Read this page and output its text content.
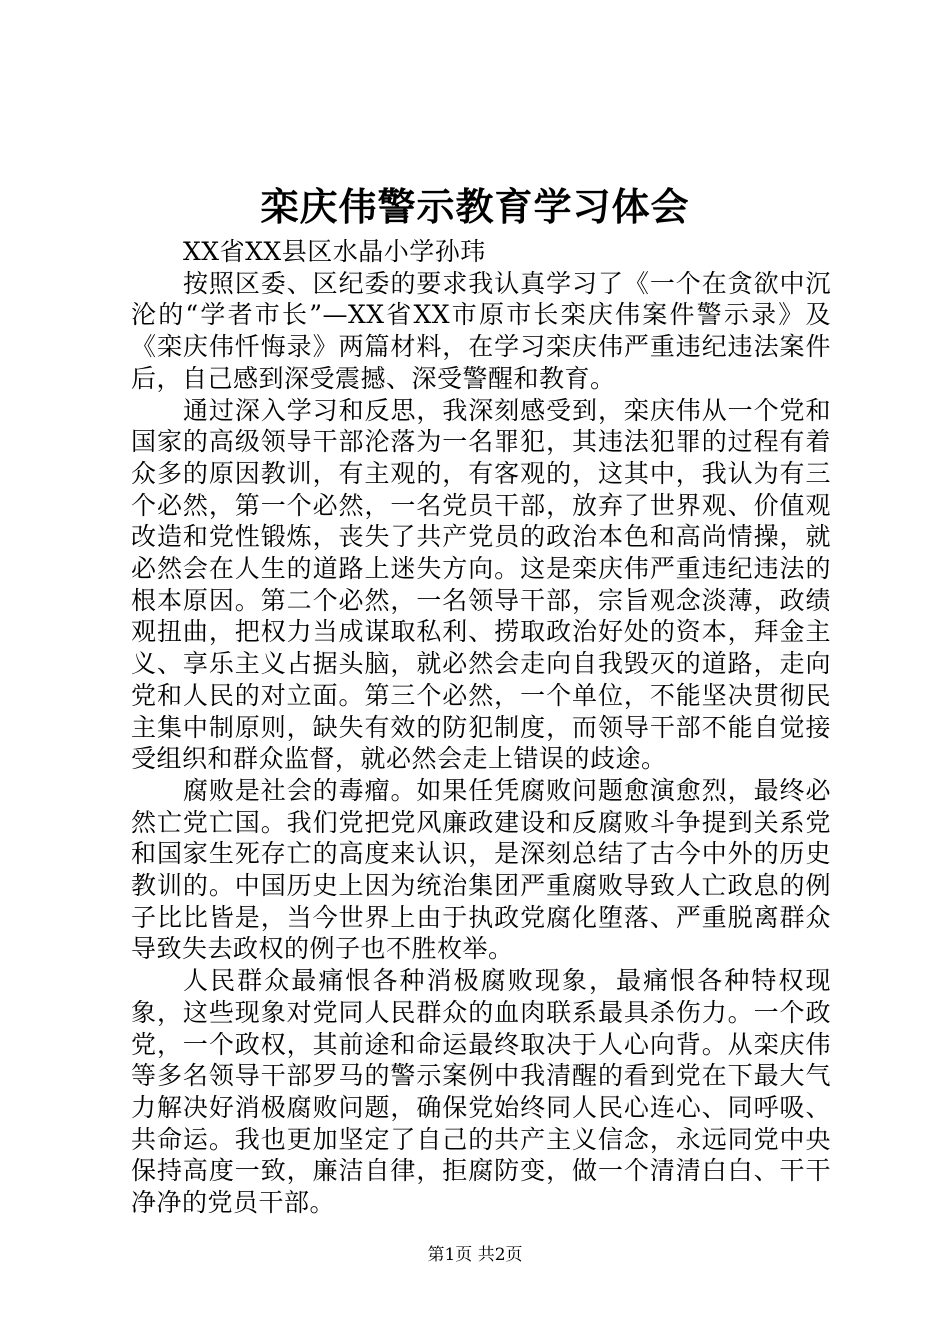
栾庆伟警示教育学习体会

XX省XX县区水晶小学孙玮

按照区委、区纪委的要求我认真学习了《一个在贪欲中沉沦的“学者市长”—XX省XX市原市长栾庆伟案件警示录》及《栾庆伟忏悔录》两篇材料，在学习栾庆伟严重违纪违法案件后，自己感到深受震撼、深受警醒和教育。

通过深入学习和反思，我深刻感受到，栾庆伟从一个党和国家的高级领导干部沦落为一名罪犯，其违法犯罪的过程有着众多的原因教训，有主观的，有客观的，这其中，我认为有三个必然，第一个必然，一名党员干部，放弃了世界观、价值观改造和党性锻炼，丧失了共产党员的政治本色和高尚情操，就必然会在人生的道路上迷失方向。这是栾庆伟严重违纪违法的根本原因。第二个必然，一名领导干部，宗旨观念淡薄，政绩观扭曲，把权力当成谋取私利、捞取政治好处的资本，拜金主义、享乐主义占据头脑，就必然会走向自我毁灭的道路，走向党和人民的对立面。第三个必然，一个单位，不能坚决贯彻民主集中制原则，缺失有效的防犯制度，而领导干部不能自觉接受组织和群众监督，就必然会走上错误的歧途。

腐败是社会的毒瘤。如果任凭腐败问题愈演愈烈，最终必然亡党亡国。我们党把党风廉政建设和反腐败斗争提到关系党和国家生死存亡的高度来认识，是深刻总结了古今中外的历史教训的。中国历史上因为统治集团严重腐败导致人亡政息的例子比比皆是，当今世界上由于执政党腐化堕落、严重脱离群众导致失去政权的例子也不胜枚举。

人民群众最痛恨各种消极腐败现象，最痛恨各种特权现象，这些现象对党同人民群众的血肉联系最具杀伤力。一个政党，一个政权，其前途和命运最终取决于人心向背。从栾庆伟等多名领导干部罗马的警示案例中我清醒的看到党在下最大气力解决好消极腐败问题，确保党始终同人民心连心、同呼吸、共命运。我也更加坚定了自己的共产主义信念，永远同党中央保持高度一致，廉洁自律，拒腐防变，做一个清清白白、干干净净的党员干部。

第1页 共2页
